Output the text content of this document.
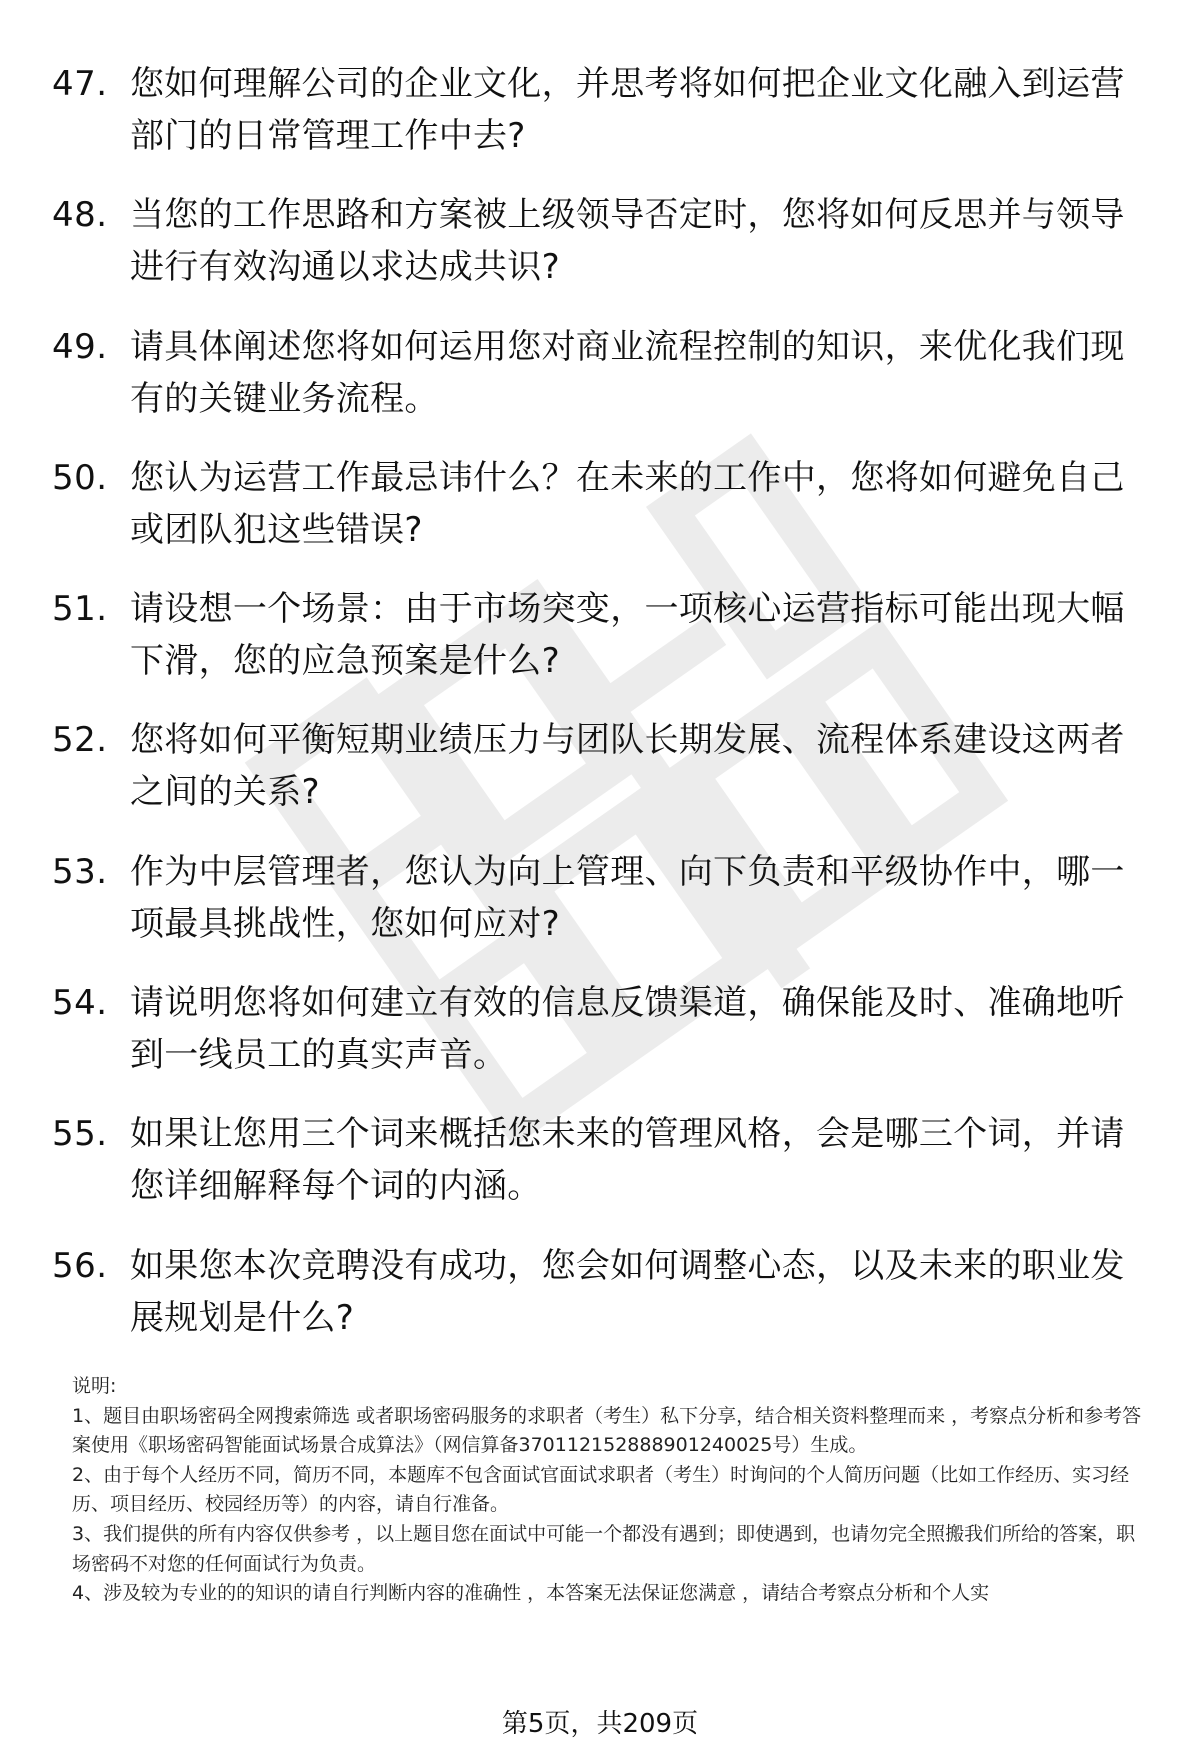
47. 您如何理解公司的企业文化，并思考将如何把企业文化融入到运营部门的日常管理工作中去?
48. 当您的工作思路和方案被上级领导否定时，您将如何反思并与领导进行有效沟通以求达成共识?
49. 请具体阐述您将如何运用您对商业流程控制的知识，来优化我们现有的关键业务流程。
50. 您认为运营工作最忌讳什么？在未来的工作中，您将如何避免自己或团队犯这些错误?
51. 请设想一个场景：由于市场突变，一项核心运营指标可能出现大幅下滑，您的应急预案是什么?
52. 您将如何平衡短期业绩压力与团队长期发展、流程体系建设这两者之间的关系?
53. 作为中层管理者，您认为向上管理、向下负责和平级协作中，哪一项最具挑战性，您如何应对?
54. 请说明您将如何建立有效的信息反馈渠道，确保能及时、准确地听到一线员工的真实声音。
55. 如果让您用三个词来概括您未来的管理风格，会是哪三个词，并请您详细解释每个词的内涵。
56. 如果您本次竞聘没有成功，您会如何调整心态，以及未来的职业发展规划是什么?

说明:

1、题目由职场密码全网搜索筛选 或者职场密码服务的求职者（考生）私下分享，结合相关资料整理而来 ，考察点分析和参考答案使用《职场密码智能面试场景合成算法》（网信算备370112152888901240025号）生成。

2、由于每个人经历不同，简历不同，本题库不包含面试官面试求职者（考生）时询问的个人简历问题（比如工作经历、实习经历、项目经历、校园经历等）的内容，请自行准备。

3、我们提供的所有内容仅供参考 ，以上题目您在面试中可能一个都没有遇到；即使遇到，也请勿完全照搬我们所给的答案，职场密码不对您的任何面试行为负责。

4、涉及较为专业的的知识的请自行判断内容的准确性 ，本答案无法保证您满意 ，请结合考察点分析和个人实

第5页，共209页
